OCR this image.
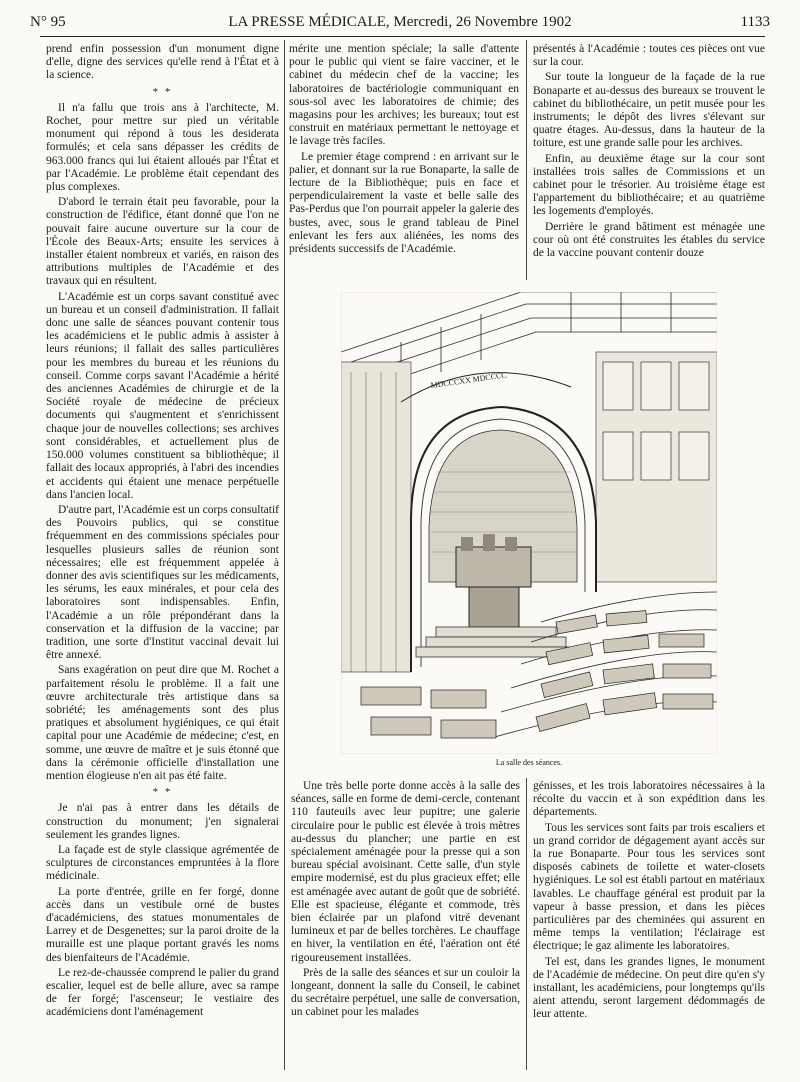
N° 95	LA PRESSE MÉDICALE, Mercredi, 26 Novembre 1902	1133

prend enfin possession d'un monument digne d'elle, digne des services qu'elle rend à l'État et à la science.

* *

Il n'a fallu que trois ans à l'architecte, M. Rochet, pour mettre sur pied un véritable monument qui répond à tous les desiderata formulés; et cela sans dépasser les crédits de 963.000 francs qui lui étaient alloués par l'État et par l'Académie. Le problème était cependant des plus complexes.

D'abord le terrain était peu favorable, pour la construction de l'édifice, étant donné que l'on ne pouvait faire aucune ouverture sur la cour de l'École des Beaux-Arts; ensuite les services à installer étaient nombreux et variés, en raison des attributions multiples de l'Académie et des travaux qui en résultent.

L'Académie est un corps savant constitué avec un bureau et un conseil d'administration. Il fallait donc une salle de séances pouvant contenir tous les académiciens et le public admis à assister à leurs réunions; il fallait des salles particulières pour les membres du bureau et les réunions du conseil. Comme corps savant l'Académie a hérité des anciennes Académies de chirurgie et de la Société royale de médecine de précieux documents qui s'augmentent et s'enrichissent chaque jour de nouvelles collections; ses archives sont considérables, et actuellement plus de 150.000 volumes constituent sa bibliothèque; il fallait des locaux appropriés, à l'abri des incendies et accidents qui étaient une menace perpétuelle dans l'ancien local.

D'autre part, l'Académie est un corps consultatif des Pouvoirs publics, qui se constitue fréquemment en des commissions spéciales pour lesquelles plusieurs salles de réunion sont nécessaires; elle est fréquemment appelée à donner des avis scientifiques sur les médicaments, les sérums, les eaux minérales, et pour cela des laboratoires sont indispensables. Enfin, l'Académie a un rôle prépondérant dans la conservation et la diffusion de la vaccine; par tradition, une sorte d'Institut vaccinal devait lui être annexé.

Sans exagération on peut dire que M. Rochet a parfaitement résolu le problème. Il a fait une œuvre architecturale très artistique dans sa sobriété; les aménagements sont des plus pratiques et absolument hygiéniques, ce qui était capital pour une Académie de médecine; c'est, en somme, une œuvre de maître et je suis étonné que dans la cérémonie officielle d'installation une mention élogieuse n'en ait pas été faite.

* *

Je n'ai pas à entrer dans les détails de construction du monument; j'en signalerai seulement les grandes lignes.

La façade est de style classique agrémentée de sculptures de circonstances empruntées à la flore médicinale.

La porte d'entrée, grille en fer forgé, donne accès dans un vestibule orné de bustes d'académiciens, des statues monumentales de Larrey et de Desgenettes; sur la paroi droite de la muraille est une plaque portant gravés les noms des bienfaiteurs de l'Académie.

Le rez-de-chaussée comprend le palier du grand escalier, lequel est de belle allure, avec sa rampe de fer forgé; l'ascenseur; le vestiaire des académiciens dont l'aménagement

mérite une mention spéciale; la salle d'attente pour le public qui vient se faire vacciner, et le cabinet du médecin chef de la vaccine; les laboratoires de bactériologie communiquant en sous-sol avec les laboratoires de chimie; des magasins pour les archives; les bureaux; tout est construit en matériaux permettant le nettoyage et le lavage très faciles.

Le premier étage comprend : en arrivant sur le palier, et donnant sur la rue Bonaparte, la salle de lecture de la Bibliothèque; puis en face et perpendiculairement la vaste et belle salle des Pas-Perdus que l'on pourrait appeler la galerie des bustes, avec, sous le grand tableau de Pinel enlevant les fers aux aliénées, les noms des présidents successifs de l'Académie.

présentés à l'Académie : toutes ces pièces ont vue sur la cour.

Sur toute la longueur de la façade de la rue Bonaparte et au-dessus des bureaux se trouvent le cabinet du bibliothécaire, un petit musée pour les instruments; le dépôt des livres s'élevant sur quatre étages. Au-dessus, dans la hauteur de la toiture, est une grande salle pour les archives.

Enfin, au deuxième étage sur la cour sont installées trois salles de Commissions et un cabinet pour le trésorier. Au troisième étage est l'appartement du bibliothécaire; et au quatrième les logements d'employés.

Derrière le grand bâtiment est ménagée une cour où ont été construites les étables du service de la vaccine pouvant contenir douze

MDCCCXX MDCCCC
La salle des séances.

Une très belle porte donne accès à la salle des séances, salle en forme de demi-cercle, contenant 110 fauteuils avec leur pupitre; une galerie circulaire pour le public est élevée à trois mètres au-dessus du plancher; une partie en est spécialement aménagée pour la presse qui a son bureau spécial avoisinant. Cette salle, d'un style empire modernisé, est du plus gracieux effet; elle est aménagée avec autant de goût que de sobriété. Elle est spacieuse, élégante et commode, très bien éclairée par un plafond vitré devenant lumineux et par de belles torchères. Le chauffage en hiver, la ventilation en été, l'aération ont été rigoureusement installées.

Près de la salle des séances et sur un couloir la longeant, donnent la salle du Conseil, le cabinet du secrétaire perpétuel, une salle de conversation, un cabinet pour les malades

génisses, et les trois laboratoires nécessaires à la récolte du vaccin et à son expédition dans les départements.

Tous les services sont faits par trois escaliers et un grand corridor de dégagement ayant accès sur la rue Bonaparte. Pour tous les services sont disposés cabinets de toilette et water-closets hygiéniques. Le sol est établi partout en matériaux lavables. Le chauffage général est produit par la vapeur à basse pression, et dans les pièces particulières par des cheminées qui assurent en même temps la ventilation; l'éclairage est électrique; le gaz alimente les laboratoires.

Tel est, dans les grandes lignes, le monument de l'Académie de médecine. On peut dire qu'en s'y installant, les académiciens, pour longtemps qu'ils aient attendu, seront largement dédommagés de leur attente.
